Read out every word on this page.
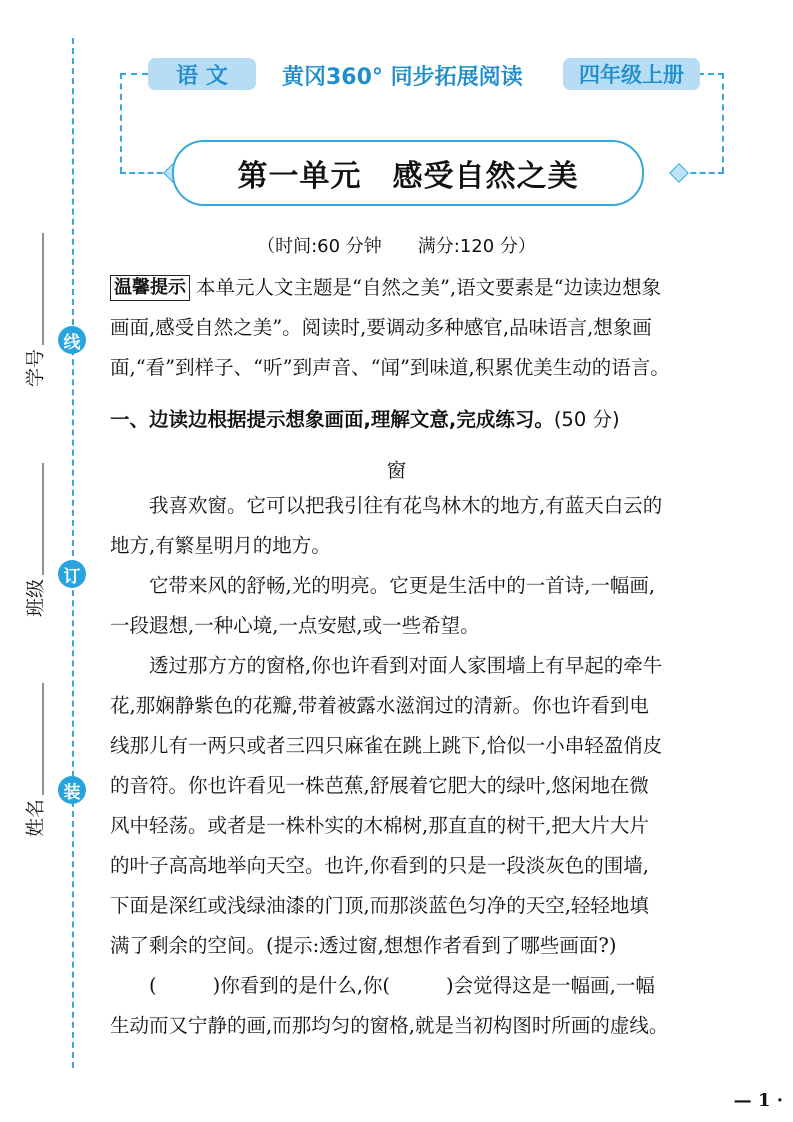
线
订
装
学号
班级
姓名
语 文	黄冈360° 同步拓展阅读	四年级上册
第一单元　感受自然之美
（时间:60 分钟　　满分:120 分）
温馨提示 本单元人文主题是“自然之美”,语文要素是“边读边想象
画面,感受自然之美”。阅读时,要调动多种感官,品味语言,想象画
面,“看”到样子、“听”到声音、“闻”到味道,积累优美生动的语言。
一、边读边根据提示想象画面,理解文意,完成练习。(50 分)
窗
我喜欢窗。它可以把我引往有花鸟林木的地方,有蓝天白云的
地方,有繁星明月的地方。
它带来风的舒畅,光的明亮。它更是生活中的一首诗,一幅画,
一段遐想,一种心境,一点安慰,或一些希望。
透过那方方的窗格,你也许看到对面人家围墙上有早起的牵牛
花,那娴静紫色的花瓣,带着被露水滋润过的清新。你也许看到电
线那儿有一两只或者三四只麻雀在跳上跳下,恰似一小串轻盈俏皮
的音符。你也许看见一株芭蕉,舒展着它肥大的绿叶,悠闲地在微
风中轻荡。或者是一株朴实的木棉树,那直直的树干,把大片大片
的叶子高高地举向天空。也许,你看到的只是一段淡灰色的围墙,
下面是深红或浅绿油漆的门顶,而那淡蓝色匀净的天空,轻轻地填
满了剩余的空间。(提示:透过窗,想想作者看到了哪些画面?)
(	)你看到的是什么,你(	)会觉得这是一幅画,一幅
生动而又宁静的画,而那均匀的窗格,就是当初构图时所画的虚线。
— 1 ·
